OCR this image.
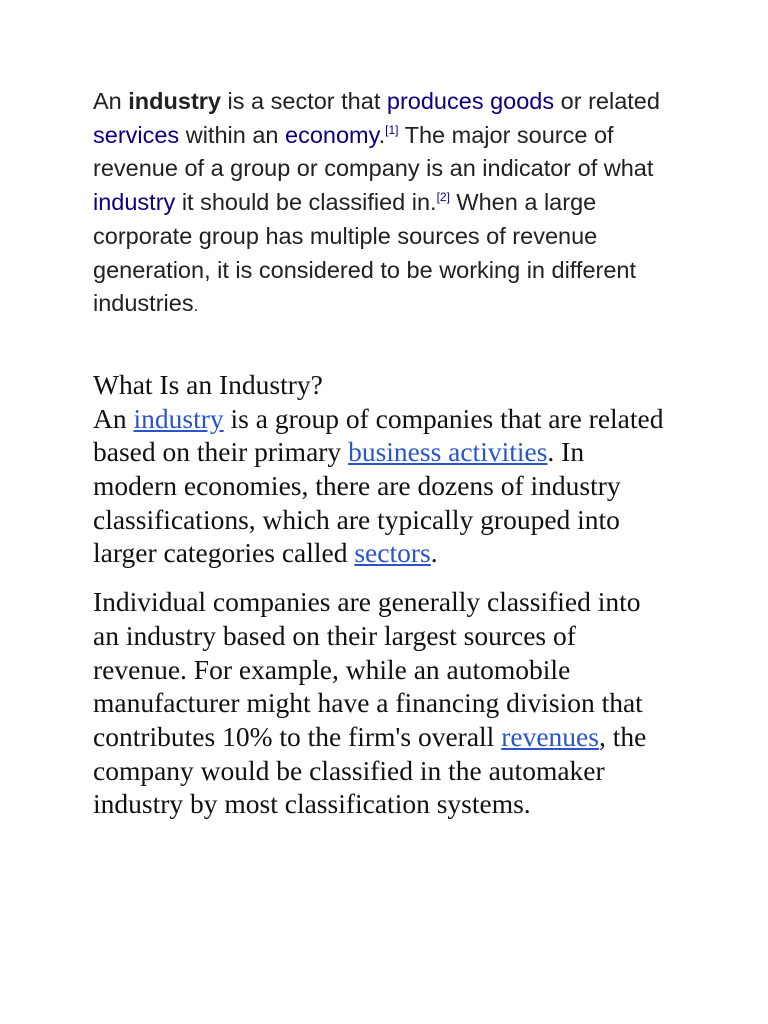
An industry is a sector that produces goods or related services within an economy.[1] The major source of revenue of a group or company is an indicator of what industry it should be classified in.[2] When a large corporate group has multiple sources of revenue generation, it is considered to be working in different industries.

What Is an Industry?

An industry is a group of companies that are related based on their primary business activities. In modern economies, there are dozens of industry classifications, which are typically grouped into larger categories called sectors.

Individual companies are generally classified into an industry based on their largest sources of revenue. For example, while an automobile manufacturer might have a financing division that contributes 10% to the firm's overall revenues, the company would be classified in the automaker industry by most classification systems.
